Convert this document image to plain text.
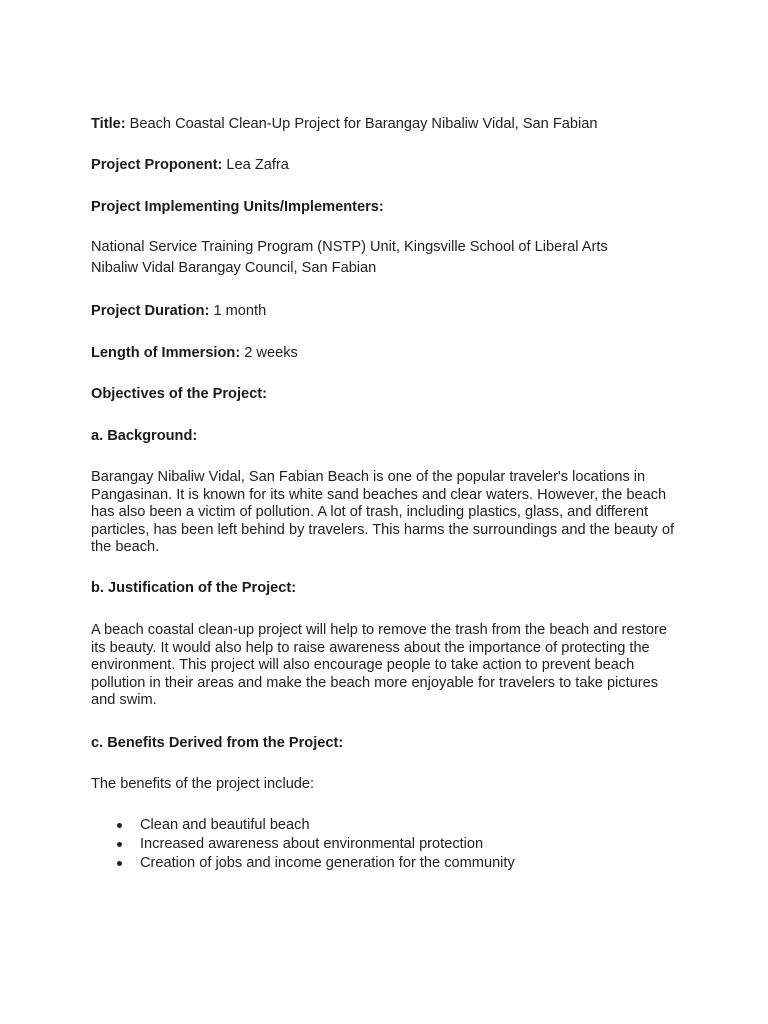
Title: Beach Coastal Clean-Up Project for Barangay Nibaliw Vidal, San Fabian
Project Proponent: Lea Zafra
Project Implementing Units/Implementers:
National Service Training Program (NSTP) Unit, Kingsville School of Liberal Arts
Nibaliw Vidal Barangay Council, San Fabian
Project Duration: 1 month
Length of Immersion: 2 weeks
Objectives of the Project:
a. Background:
Barangay Nibaliw Vidal, San Fabian Beach is one of the popular traveler's locations in Pangasinan. It is known for its white sand beaches and clear waters. However, the beach has also been a victim of pollution. A lot of trash, including plastics, glass, and different particles, has been left behind by travelers. This harms the surroundings and the beauty of the beach.
b. Justification of the Project:
A beach coastal clean-up project will help to remove the trash from the beach and restore its beauty. It would also help to raise awareness about the importance of protecting the environment. This project will also encourage people to take action to prevent beach pollution in their areas and make the beach more enjoyable for travelers to take pictures and swim.
c. Benefits Derived from the Project:
The benefits of the project include:
Clean and beautiful beach
Increased awareness about environmental protection
Creation of jobs and income generation for the community
